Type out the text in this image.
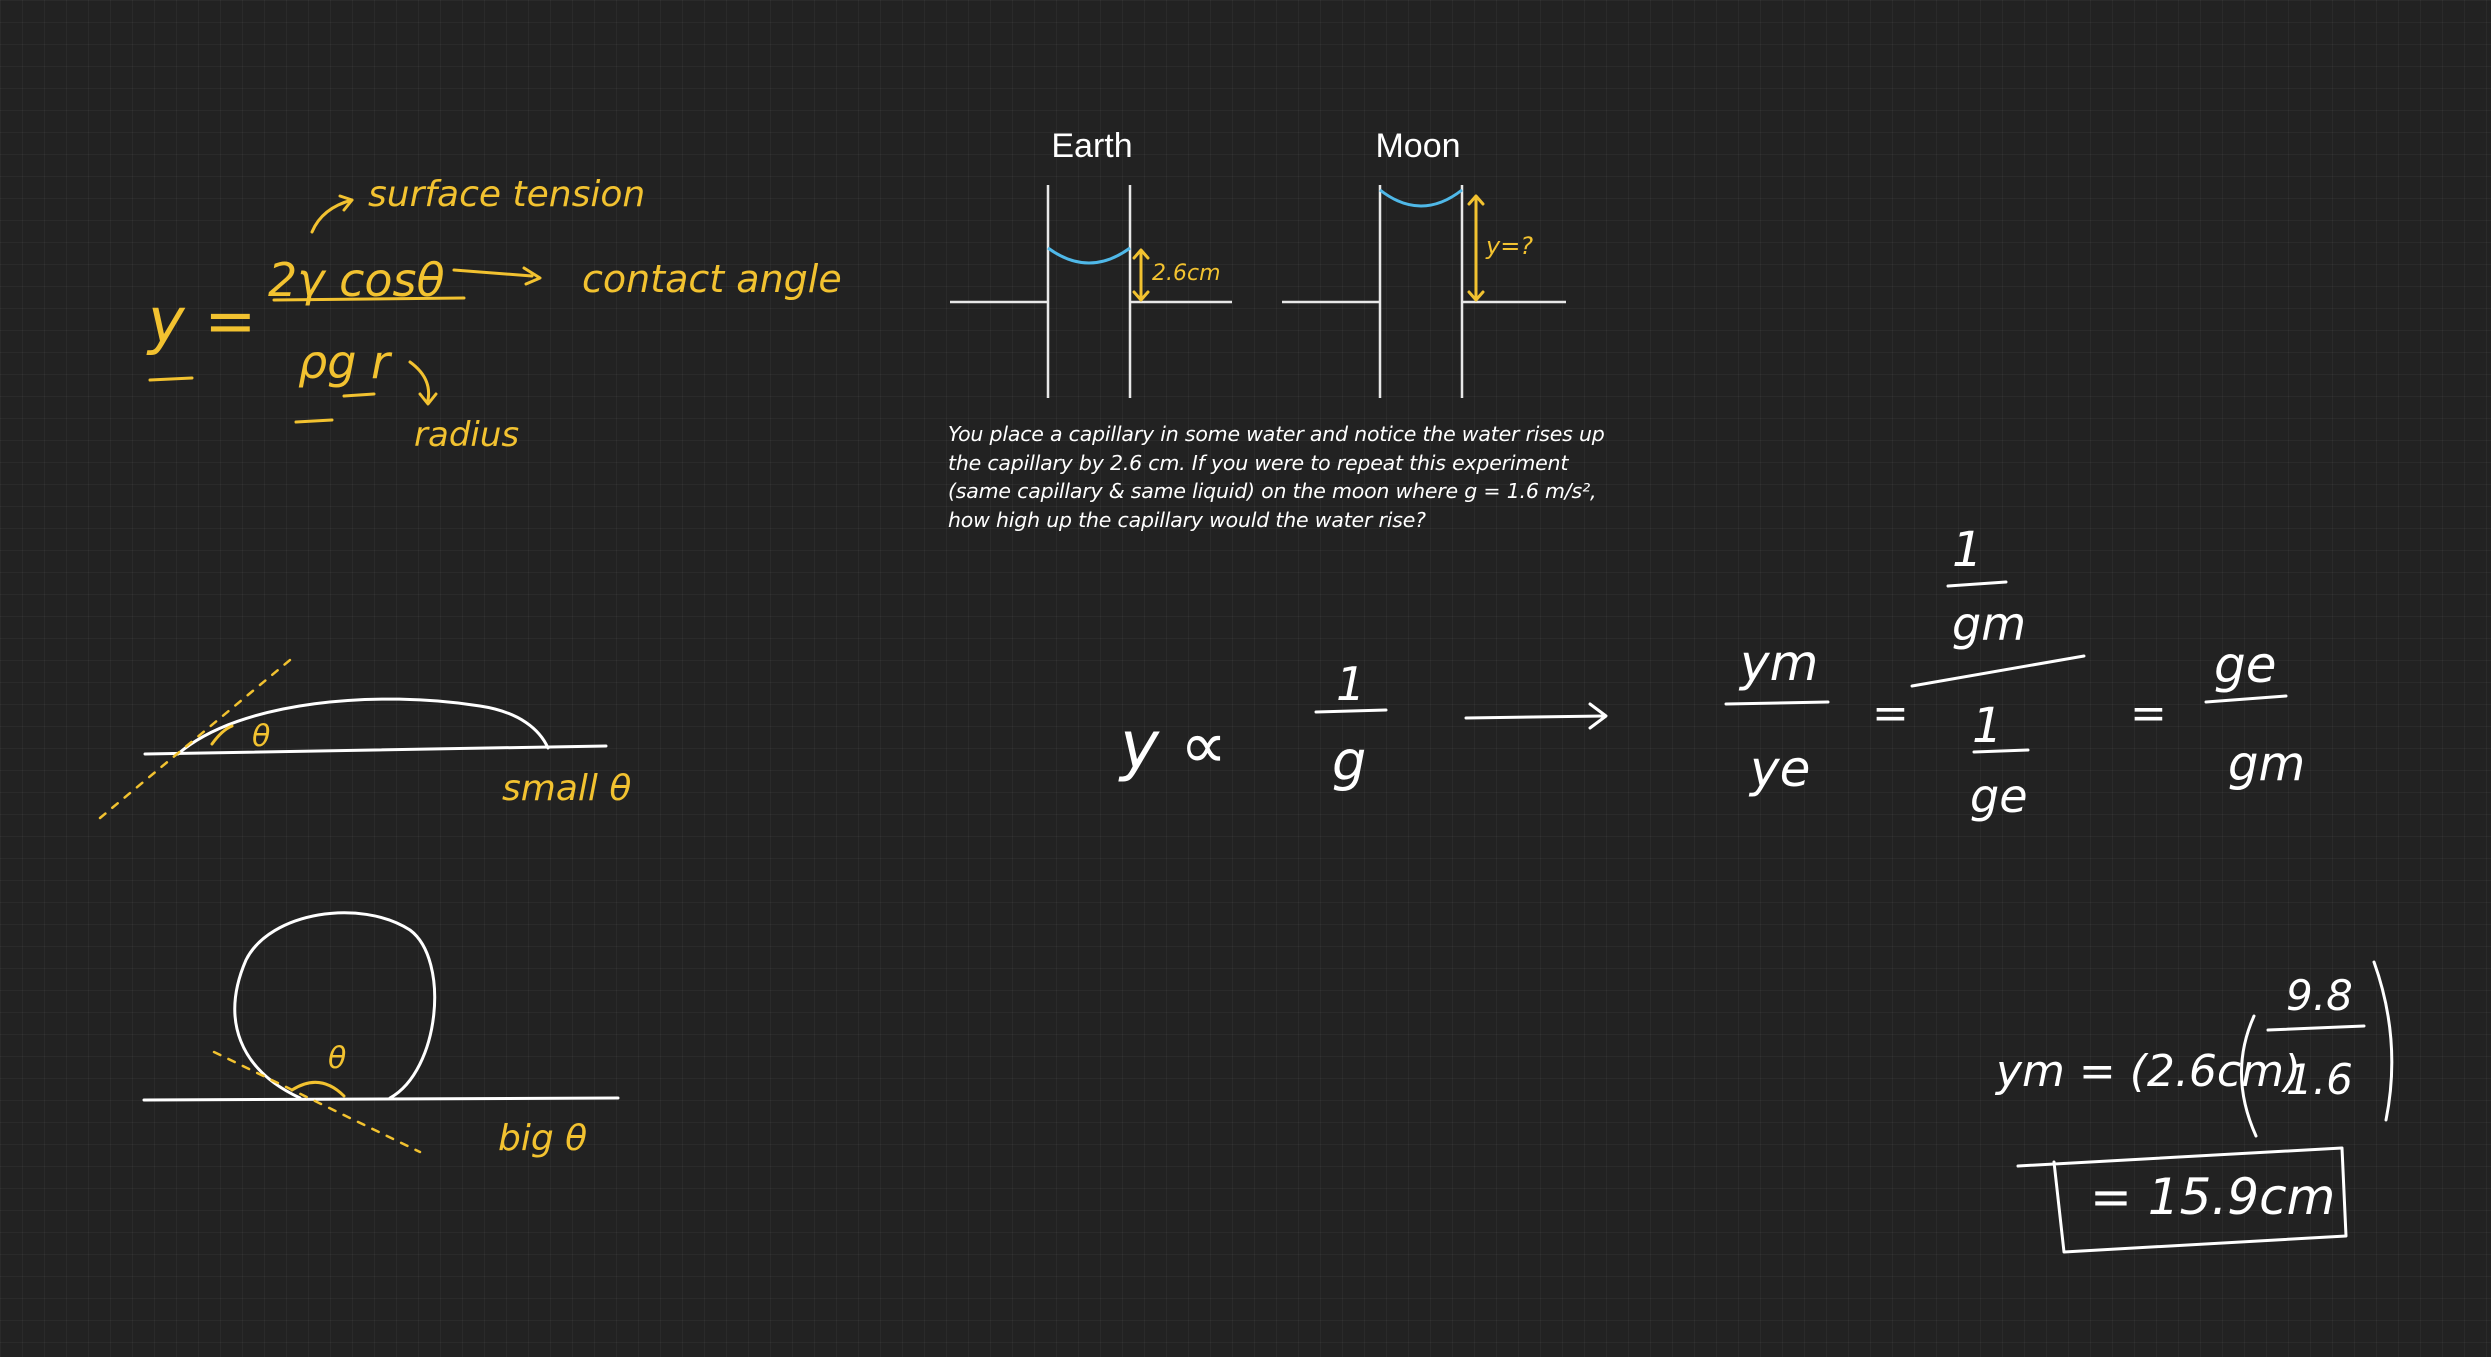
y =
2γ cosθ
ρg r
surface tension
contact angle
radius
θ
small θ
θ
big θ
Earth	Moon
2.6cm
y=?
y ∝
1
g
ym
ye
=
1
gm
1
ge
=
ge
gm
ym = (2.6cm)
9.8
1.6
= 15.9cm
You place a capillary in some water and notice the water rises up the capillary by 2.6 cm. If you were to repeat this experiment (same capillary & same liquid) on the moon where g = 1.6 m/s², how high up the capillary would the water rise?
